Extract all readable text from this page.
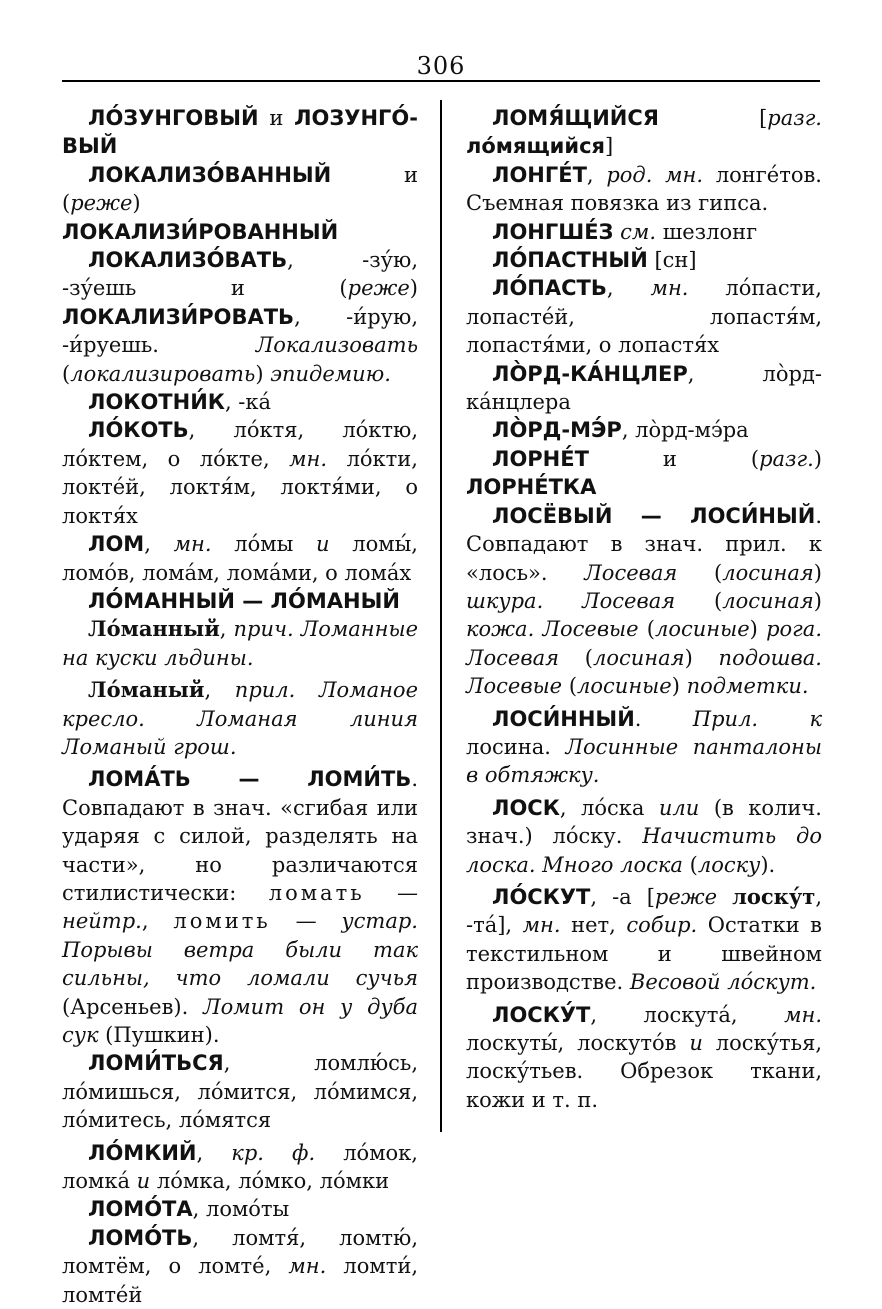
306

ЛО́ЗУНГОВЫЙ и ЛОЗУНГО́-ВЫЙ

ЛОКАЛИЗО́ВАННЫЙ	и (реже) ЛОКАЛИЗИ́РОВАННЫЙ

ЛОКАЛИЗО́ВАТЬ, -зу́ю, -зу́ешь и (реже) ЛОКАЛИЗИ́РОВАТЬ, -и́рую, -и́руешь.	Локализовать (локализировать) эпидемию.

ЛОКОТНИ́К, -ка́

ЛО́КОТЬ, ло́ктя, ло́ктю, ло́ктем, о ло́кте, мн. ло́кти, локте́й, локтя́м, локтя́ми, о локтя́х

ЛОМ, мн. ло́мы и ломы́, ломо́в, лома́м, лома́ми, о лома́х

ЛО́МАННЫЙ — ЛО́МАНЫЙ

Ло́манный, прич. Ломанные на куски льдины.

Ло́маный, прил. Ломаное кресло. Ломаная линия Ломаный грош.

ЛОМА́ТЬ — ЛОМИ́ТЬ. Совпадают в знач. «сгибая или ударяя с силой, разделять на части», но различаются стилистически: ломать — нейтр., ломить — устар. Порывы ветра были так сильны, что ломали сучья (Арсеньев). Ломит он у дуба сук (Пушкин).

ЛОМИ́ТЬСЯ, ломлю́сь, ло́мишься, ло́мится, ло́мимся, ло́митесь, ло́мятся

ЛО́МКИЙ, кр. ф. ло́мок, ломка́ и ло́мка, ло́мко, ло́мки

ЛОМО́ТА, ломо́ты

ЛОМО́ТЬ, ломтя́, ломтю́, ломтём, о ломте́, мн. ломти́, ломте́й

ЛОМЯ́ЩИЙСЯ	[разг. ло́мящийся]

ЛОНГЕ́Т, род. мн. лонге́тов. Съемная повязка из гипса.

ЛОНГШЕ́З см. шезлонг

ЛО́ПАСТНЫЙ [сн]

ЛО́ПАСТЬ, мн. ло́пасти, лопасте́й, лопастя́м, лопастя́ми, о лопастя́х

ЛО̀РД-КА́НЦЛЕР, ло̀рд-ка́нцлера

ЛО̀РД-МЭ́Р, ло̀рд-мэ́ра

ЛОРНЕ́Т	и (разг.) ЛОРНЕ́ТКА

ЛОСЁВЫЙ — ЛОСИ́НЫЙ. Совпадают в знач. прил. к «лось». Лосевая (лосиная) шкура. Лосевая (лосиная) кожа. Лосевые (лосиные) рога. Лосевая (лосиная) подошва. Лосевые (лосиные) подметки.

ЛОСИ́ННЫЙ. Прил. к лосина. Лосинные панталоны в обтяжку.

ЛОСК, ло́ска или (в колич. знач.) ло́ску. Начистить до лоска. Много лоска (лоску).

ЛО́СКУТ, -а [реже лоску́т, -та́], мн. нет, собир. Остатки в текстильном и швейном производстве. Весовой ло́скут.

ЛОСКУ́Т, лоскута́, мн. лоскуты́, лоскуто́в и лоску́тья, лоску́тьев. Обрезок ткани, кожи и т. п.
